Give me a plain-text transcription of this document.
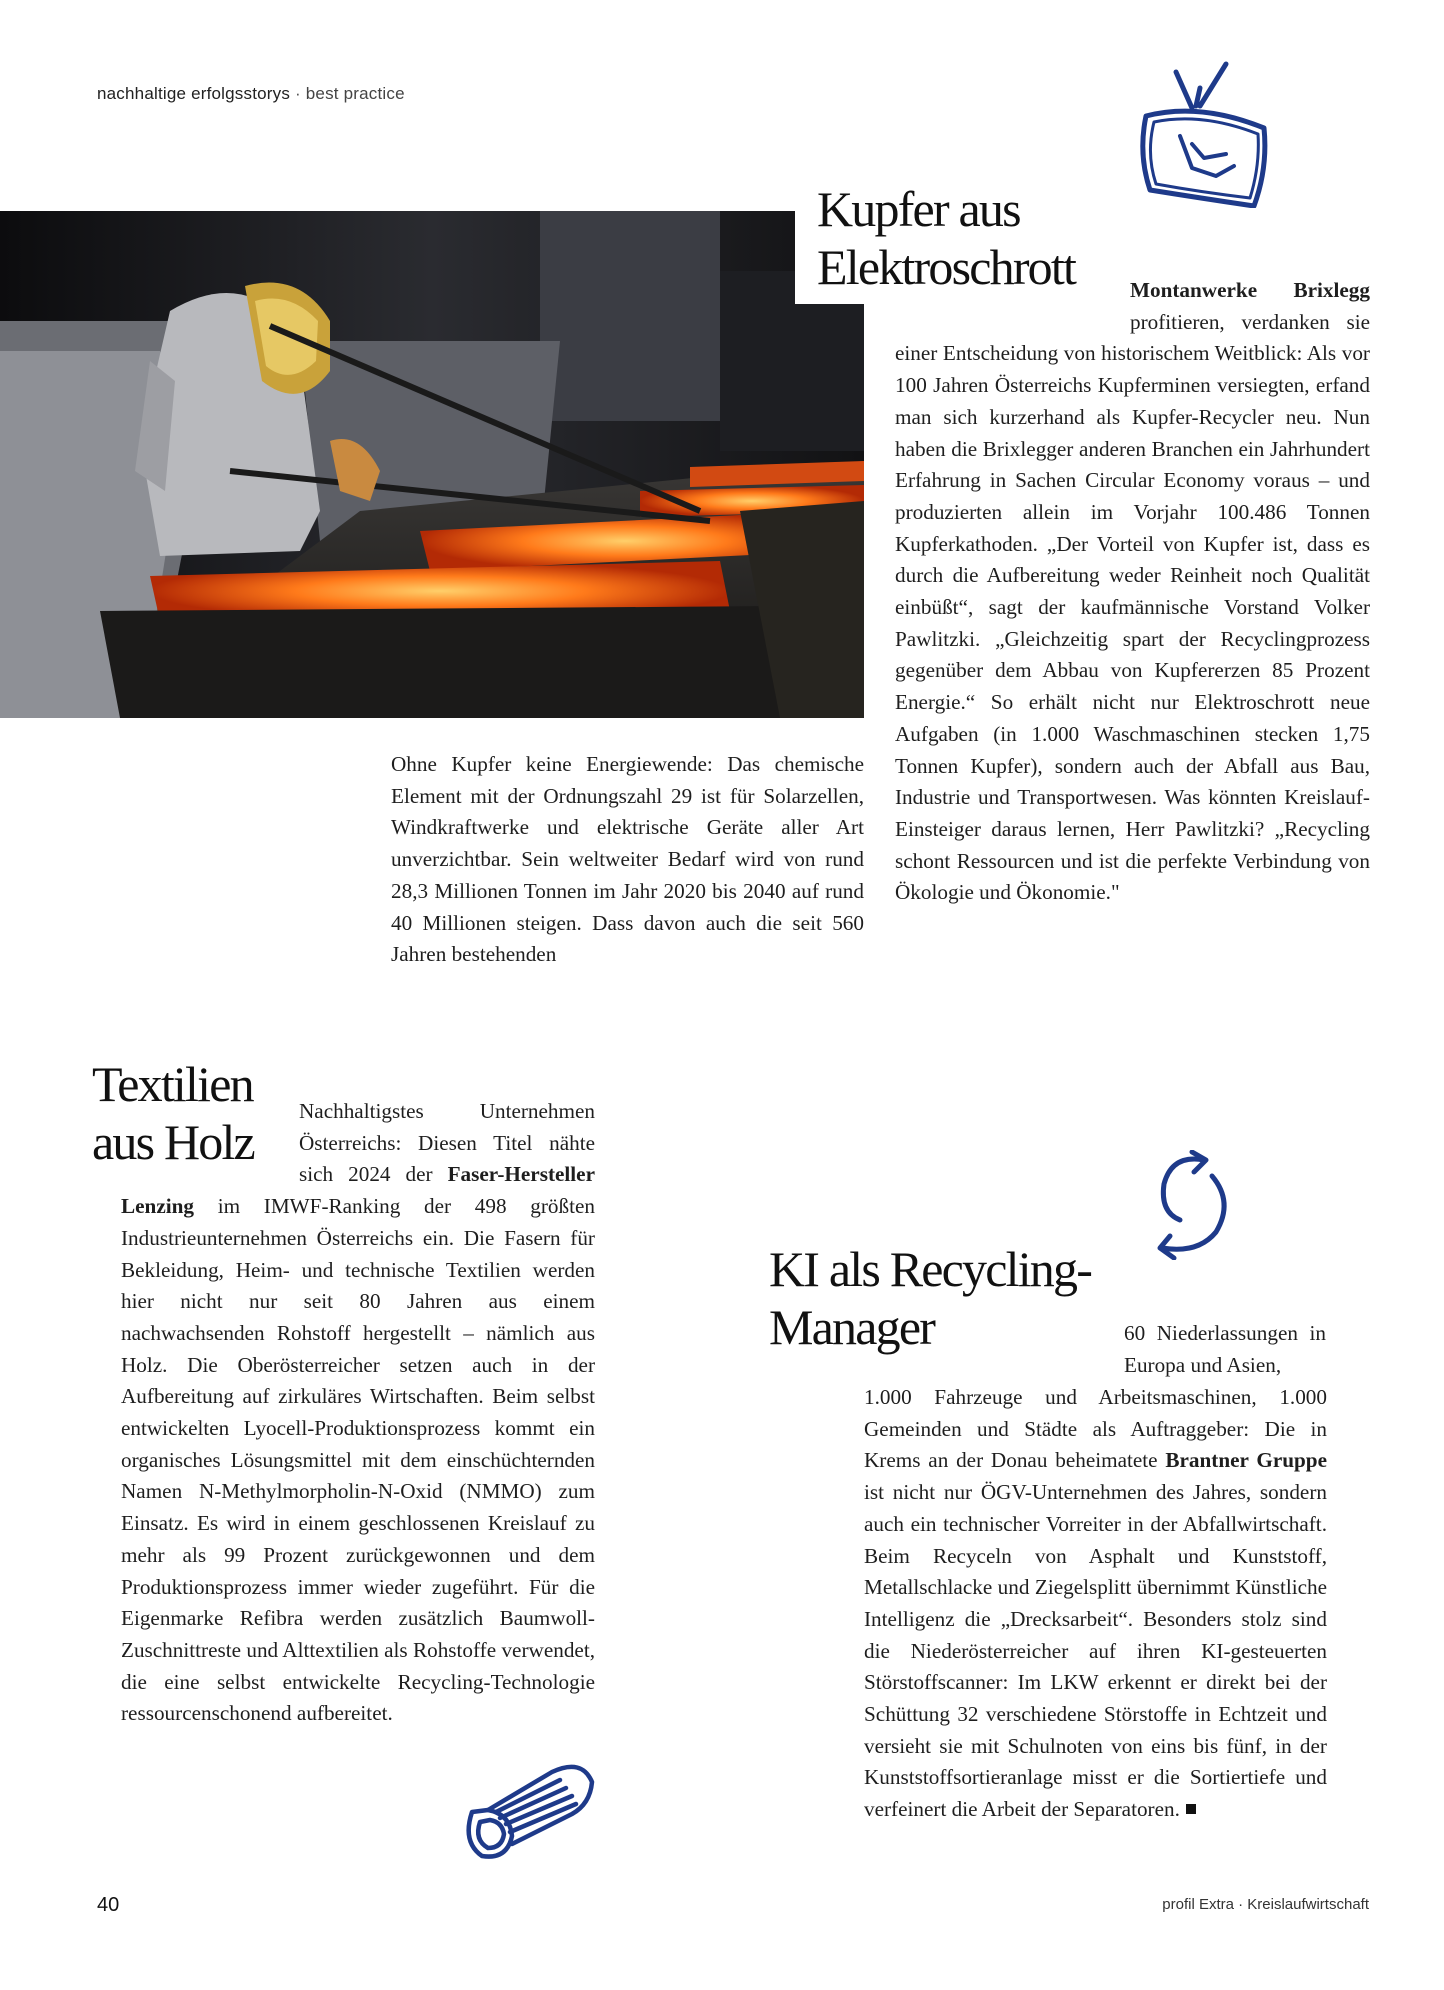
nachhaltige erfolgsstorys · best practice
Kupfer aus
Elektroschrott	Montanwerke Brixlegg profitieren, verdanken sie einer Entscheidung von historischem Weitblick: Als vor 100 Jahren Österreichs Kupferminen versiegten, erfand man sich kurzerhand als Kupfer-Recycler neu. Nun haben die Brixlegger anderen Branchen ein Jahrhundert Erfahrung in Sachen Circular Economy voraus – und produzierten allein im Vorjahr 100.486 Tonnen Kupferkathoden. „Der Vorteil von Kupfer ist, dass es durch die Aufbereitung weder Reinheit noch Qualität einbüßt“, sagt der kaufmännische Vorstand Volker Pawlitzki. „Gleichzeitig spart der Recyclingprozess gegenüber dem Abbau von Kupfererzen 85 Prozent Energie.“ So erhält nicht nur Elektroschrott neue Aufgaben (in 1.000 Waschmaschinen stecken 1,75 Tonnen Kupfer), sondern auch der Abfall aus Bau, Industrie und Transportwesen. Was könnten Kreislauf-Einsteiger daraus lernen, Herr Pawlitzki? „Recycling schont Ressourcen und ist die perfekte Verbindung von Ökologie und Ökonomie."
Ohne Kupfer keine Energiewende: Das chemische Element mit der Ordnungszahl 29 ist für Solarzellen, Windkraftwerke und elektrische Geräte aller Art unverzichtbar. Sein weltweiter Bedarf wird von rund 28,3 Millionen Tonnen im Jahr 2020 bis 2040 auf rund 40 Millionen steigen. Dass davon auch die seit 560 Jahren bestehenden
Textilien
aus Holz
Nachhaltigstes Unternehmen Österreichs: Diesen Titel nähte sich 2024 der Faser-Hersteller Lenzing im IMWF-Ranking der 498 größten Industrieunternehmen Österreichs ein. Die Fasern für Bekleidung, Heim- und technische Textilien werden hier nicht nur seit 80 Jahren aus einem nachwachsenden Rohstoff hergestellt – nämlich aus Holz. Die Oberösterreicher setzen auch in der Aufbereitung auf zirkuläres Wirtschaften. Beim selbst entwickelten Lyocell-Produktionsprozess kommt ein organisches Lösungsmittel mit dem einschüchternden Namen N-Methylmorpholin-N-Oxid (NMMO) zum Einsatz. Es wird in einem geschlossenen Kreislauf zu mehr als 99 Prozent zurückgewonnen und dem Produktionsprozess immer wieder zugeführt. Für die Eigenmarke Refibra werden zusätzlich Baumwoll-Zuschnittreste und Alttextilien als Rohstoffe verwendet, die eine selbst entwickelte Recycling-Technologie ressourcenschonend aufbereitet.
KI als Recycling-
Manager	60 Niederlassungen in Europa und Asien,
1.000 Fahrzeuge und Arbeitsmaschinen, 1.000 Gemeinden und Städte als Auftraggeber: Die in Krems an der Donau beheimatete Brantner Gruppe ist nicht nur ÖGV-Unternehmen des Jahres, sondern auch ein technischer Vorreiter in der Abfallwirtschaft. Beim Recyceln von Asphalt und Kunststoff, Metallschlacke und Ziegelsplitt übernimmt Künstliche Intelligenz die „Drecksarbeit“. Besonders stolz sind die Niederösterreicher auf ihren KI-gesteuerten Störstoffscanner: Im LKW erkennt er direkt bei der Schüttung 32 verschiedene Störstoffe in Echtzeit und versieht sie mit Schulnoten von eins bis fünf, in der Kunststoffsortieranlage misst er die Sortiertiefe und verfeinert die Arbeit der Separatoren.
40	profil Extra · Kreislaufwirtschaft
